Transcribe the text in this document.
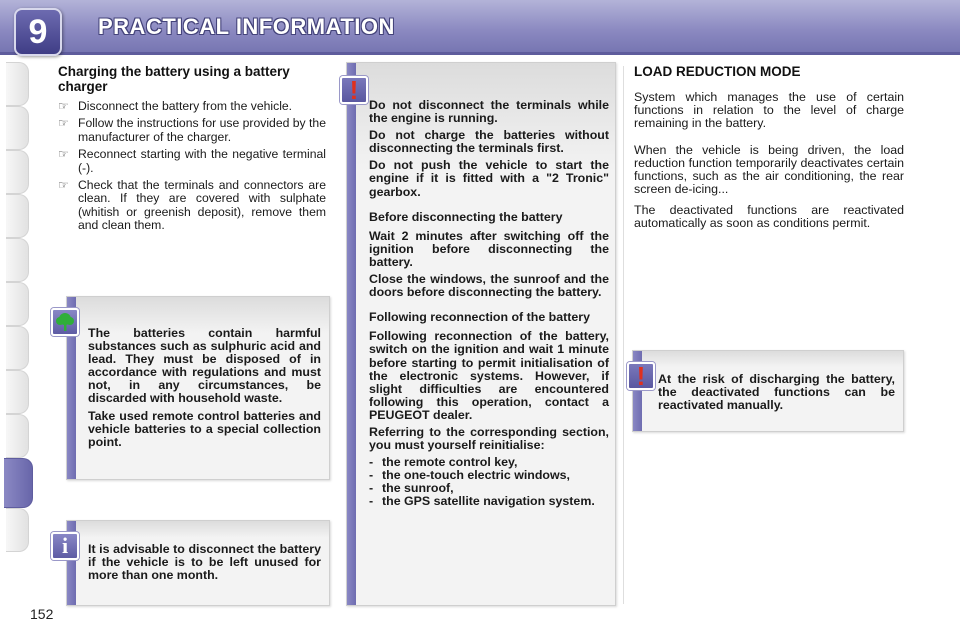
9	PRACTICAL INFORMATION
Charging the battery using a battery charger
☞ Disconnect the battery from the vehicle.
☞ Follow the instructions for use provided by the manufacturer of the charger.
☞ Reconnect starting with the negative terminal (-).
☞ Check that the terminals and connectors are clean. If they are covered with sulphate (whitish or greenish deposit), remove them and clean them.

The batteries contain harmful substances such as sulphuric acid and lead. They must be disposed of in accordance with regulations and must not, in any circumstances, be discarded with household waste.

Take used remote control batteries and vehicle batteries to a special collection point.

It is advisable to disconnect the battery if the vehicle is to be left unused for more than one month.

i

Do not disconnect the terminals while the engine is running.

Do not charge the batteries without disconnecting the terminals first.

Do not push the vehicle to start the engine if it is fitted with a "2 Tronic" gearbox.

Before disconnecting the battery

Wait 2 minutes after switching off the ignition before disconnecting the battery.

Close the windows, the sunroof and the doors before disconnecting the battery.

Following reconnection of the battery

Following reconnection of the battery, switch on the ignition and wait 1 minute before starting to permit initialisation of the electronic systems. However, if slight difficulties are encountered following this operation, contact a PEUGEOT dealer.

Referring to the corresponding section, you must yourself reinitialise:

- the remote control key,
- the one-touch electric windows,
- the sunroof,
- the GPS satellite navigation system.
!
LOAD REDUCTION MODE

System which manages the use of certain functions in relation to the level of charge remaining in the battery.

When the vehicle is being driven, the load reduction function temporarily deactivates certain functions, such as the air conditioning, the rear screen de-icing...

The deactivated functions are reactivated automatically as soon as conditions permit.

At the risk of discharging the battery, the deactivated functions can be reactivated manually.

!
152
